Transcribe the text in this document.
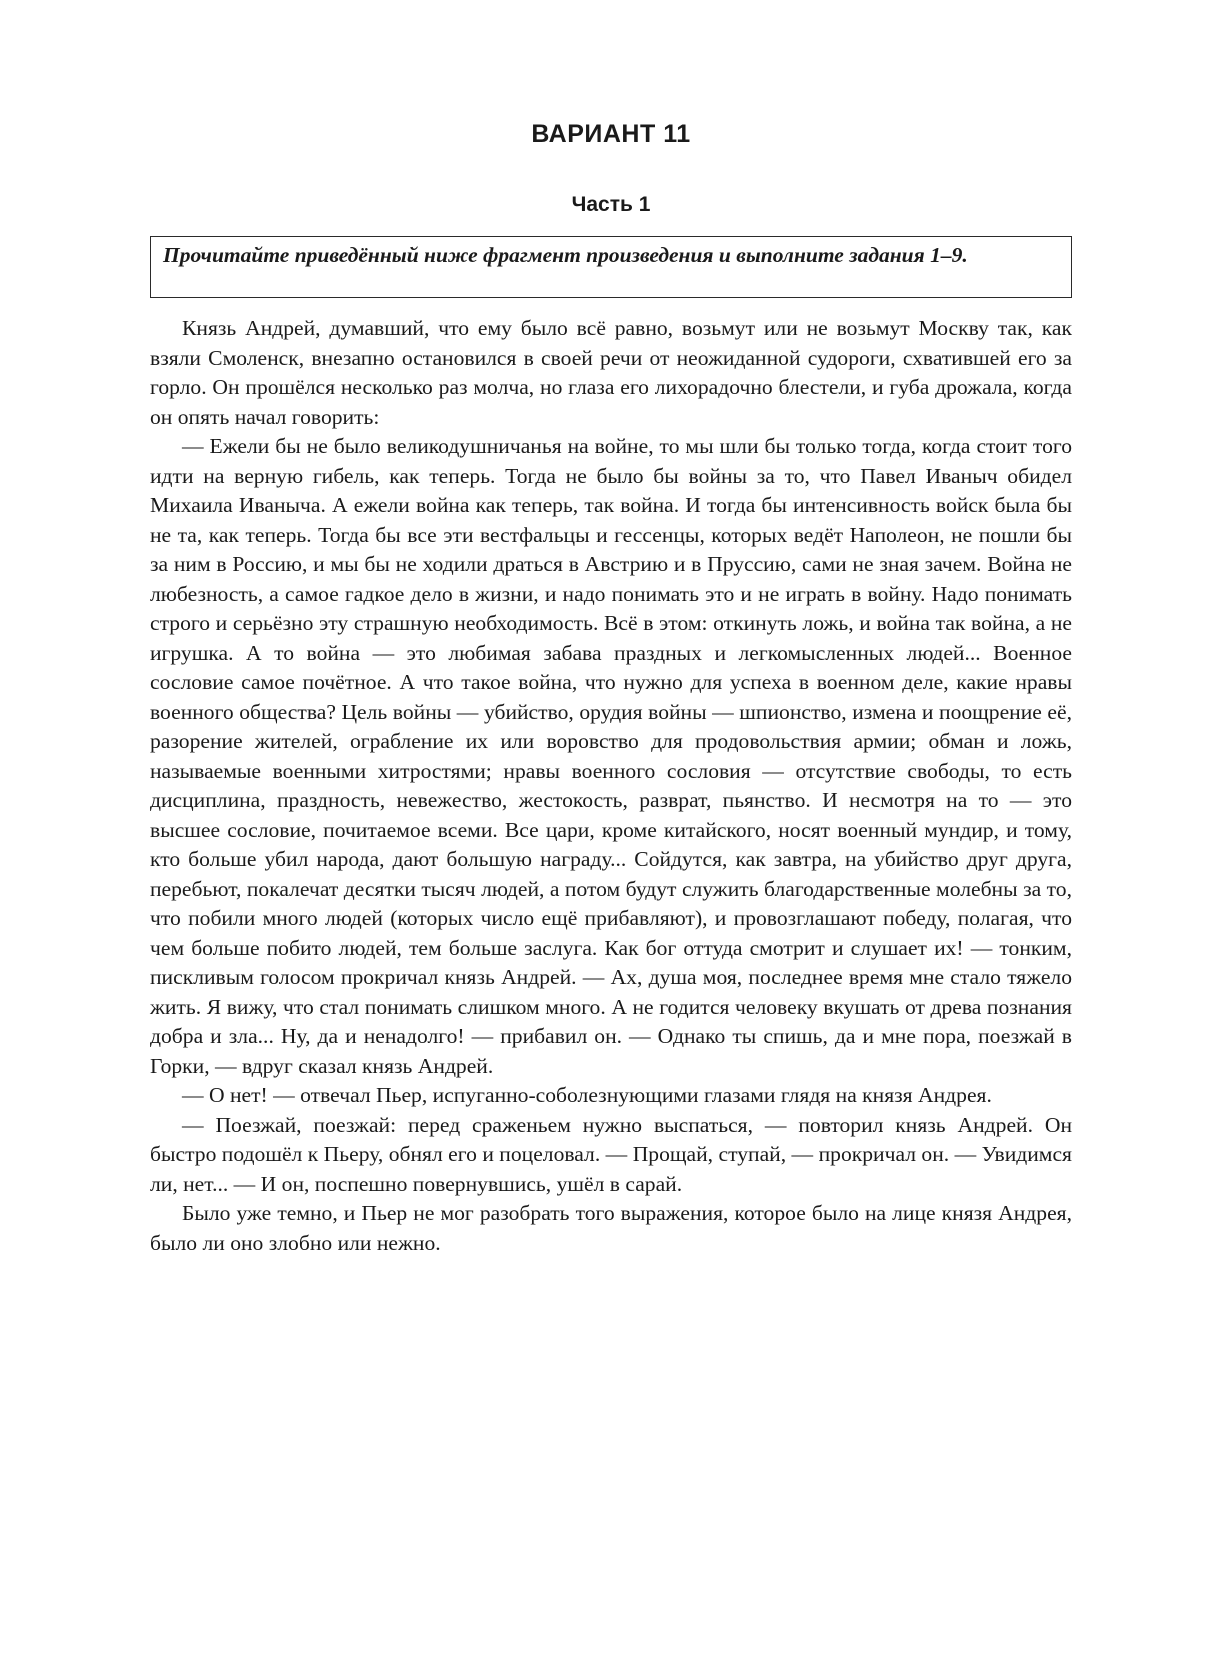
ВАРИАНТ 11
Часть 1
Прочитайте приведённый ниже фрагмент произведения и выполните задания 1–9.

Князь Андрей, думавший, что ему было всё равно, возьмут или не возьмут Москву так, как взяли Смоленск, внезапно остановился в своей речи от неожиданной судороги, схватившей его за горло. Он прошёлся несколько раз молча, но глаза его лихорадочно блестели, и губа дрожала, когда он опять начал говорить:

— Ежели бы не было великодушничанья на войне, то мы шли бы только тогда, когда стоит того идти на верную гибель, как теперь. Тогда не было бы войны за то, что Павел Иваныч обидел Михаила Иваныча. А ежели война как теперь, так война. И тогда бы интенсивность войск была бы не та, как теперь. Тогда бы все эти вестфальцы и гессенцы, которых ведёт Наполеон, не пошли бы за ним в Россию, и мы бы не ходили драться в Австрию и в Пруссию, сами не зная зачем. Война не любезность, а самое гадкое дело в жизни, и надо понимать это и не играть в войну. Надо понимать строго и серьёзно эту страшную необходимость. Всё в этом: откинуть ложь, и война так война, а не игрушка. А то война — это любимая забава праздных и легкомысленных людей... Военное сословие самое почётное. А что такое война, что нужно для успеха в военном деле, какие нравы военного общества? Цель войны — убийство, орудия войны — шпионство, измена и поощрение её, разорение жителей, ограбление их или воровство для продовольствия армии; обман и ложь, называемые военными хитростями; нравы военного сословия — отсутствие свободы, то есть дисциплина, праздность, невежество, жестокость, разврат, пьянство. И несмотря на то — это высшее сословие, почитаемое всеми. Все цари, кроме китайского, носят военный мундир, и тому, кто больше убил народа, дают большую награду... Сойдутся, как завтра, на убийство друг друга, перебьют, покалечат десятки тысяч людей, а потом будут служить благодарственные молебны за то, что побили много людей (которых число ещё прибавляют), и провозглашают победу, полагая, что чем больше побито людей, тем больше заслуга. Как бог оттуда смотрит и слушает их! — тонким, пискливым голосом прокричал князь Андрей. — Ах, душа моя, последнее время мне стало тяжело жить. Я вижу, что стал понимать слишком много. А не годится человеку вкушать от древа познания добра и зла... Ну, да и ненадолго! — прибавил он. — Однако ты спишь, да и мне пора, поезжай в Горки, — вдруг сказал князь Андрей.

— О нет! — отвечал Пьер, испуганно-соболезнующими глазами глядя на князя Андрея.

— Поезжай, поезжай: перед сраженьем нужно выспаться, — повторил князь Андрей. Он быстро подошёл к Пьеру, обнял его и поцеловал. — Прощай, ступай, — прокричал он. — Увидимся ли, нет... — И он, поспешно повернувшись, ушёл в сарай.

Было уже темно, и Пьер не мог разобрать того выражения, которое было на лице князя Андрея, было ли оно злобно или нежно.
